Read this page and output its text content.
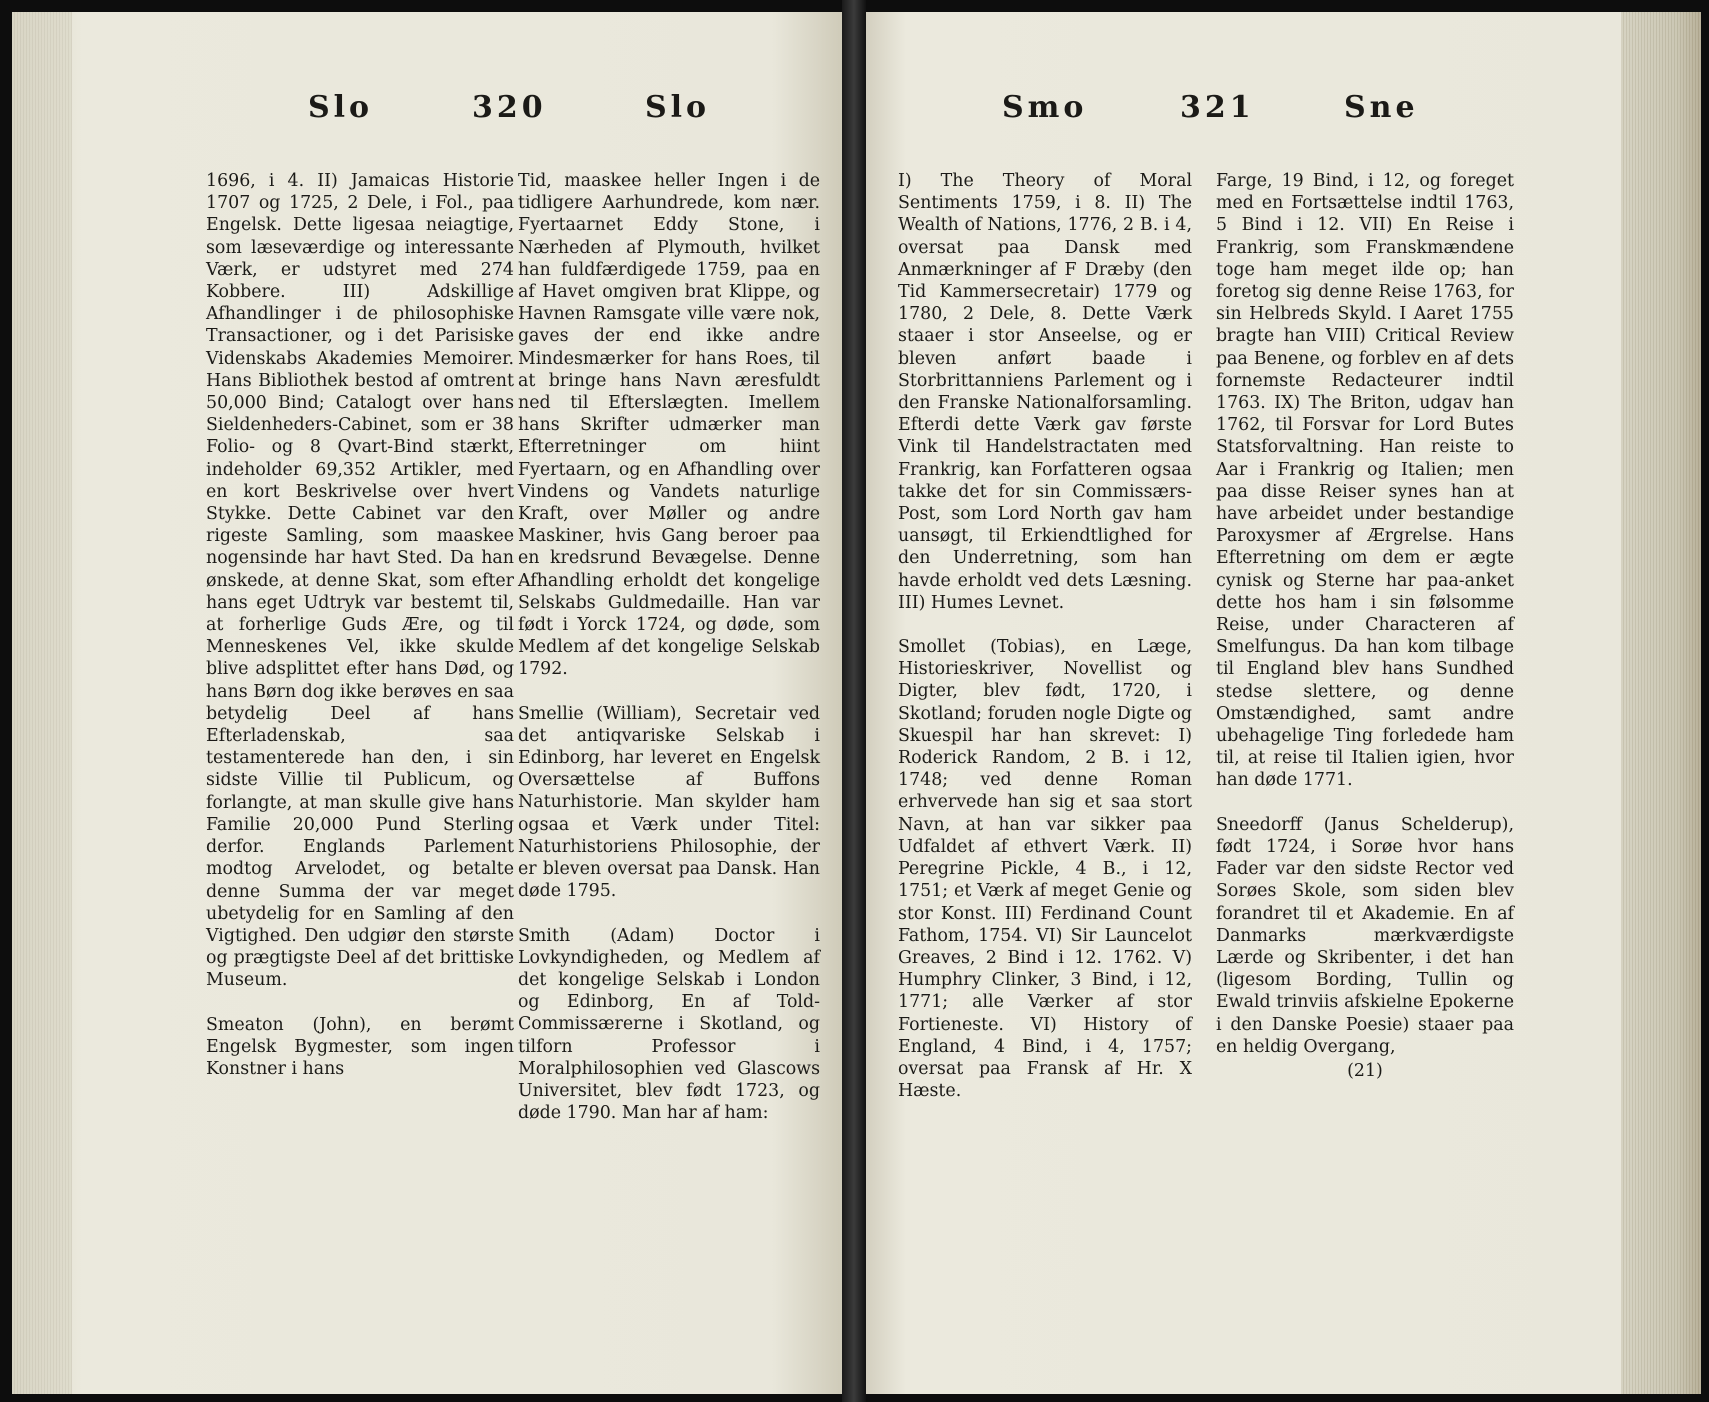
Slo	320	Slo

1696, i 4. II) Jamaicas Historie 1707 og 1725, 2 Dele, i Fol., paa Engelsk. Dette ligesaa neiagtige, som læseværdige og interessante Værk, er udstyret med 274 Kobbere. III) Adskillige Afhandlinger i de philosophiske Transactioner, og i det Parisiske Videnskabs Akademies Memoirer. Hans Bibliothek bestod af omtrent 50,000 Bind; Catalogt over hans Sieldenheders-Cabinet, som er 38 Folio- og 8 Qvart-Bind stærkt, indeholder 69,352 Artikler, med en kort Beskrivelse over hvert Stykke. Dette Cabinet var den rigeste Samling, som maaskee nogensinde har havt Sted. Da han ønskede, at denne Skat, som efter hans eget Udtryk var bestemt til, at forherlige Guds Ære, og til Menneskenes Vel, ikke skulde blive adsplittet efter hans Død, og hans Børn dog ikke berøves en saa betydelig Deel af hans Efterladenskab, saa testamenterede han den, i sin sidste Villie til Publicum, og forlangte, at man skulle give hans Familie 20,000 Pund Sterling derfor. Englands Parlement modtog Arvelodet, og betalte denne Summa der var meget ubetydelig for en Samling af den Vigtighed. Den udgiør den største og prægtigste Deel af det brittiske Museum.

Smeaton (John), en berømt Engelsk Bygmester, som ingen Konstner i hans

Tid, maaskee heller Ingen i de tidligere Aarhundrede, kom nær. Fyertaarnet Eddy Stone, i Nærheden af Plymouth, hvilket han fuldfærdigede 1759, paa en af Havet omgiven brat Klippe, og Havnen Ramsgate ville være nok, gaves der end ikke andre Mindesmærker for hans Roes, til at bringe hans Navn æresfuldt ned til Efterslægten. Imellem hans Skrifter udmærker man Efterretninger om hiint Fyertaarn, og en Afhandling over Vindens og Vandets naturlige Kraft, over Møller og andre Maskiner, hvis Gang beroer paa en kredsrund Bevægelse. Denne Afhandling erholdt det kongelige Selskabs Guldmedaille. Han var født i Yorck 1724, og døde, som Medlem af det kongelige Selskab 1792.

Smellie (William), Secretair ved det antiqvariske Selskab i Edinborg, har leveret en Engelsk Oversættelse af Buffons Naturhistorie. Man skylder ham ogsaa et Værk under Titel: Naturhistoriens Philosophie, der er bleven oversat paa Dansk. Han døde 1795.

Smith (Adam) Doctor i Lovkyndigheden, og Medlem af det kongelige Selskab i London og Edinborg, En af Told-Commissærerne i Skotland, og tilforn Professor i Moralphilosophien ved Glascows Universitet, blev født 1723, og døde 1790. Man har af ham:

Smo	321	Sne

I) The Theory of Moral Sentiments 1759, i 8. II) The Wealth of Nations, 1776, 2 B. i 4, oversat paa Dansk med Anmærkninger af F Dræby (den Tid Kammersecretair) 1779 og 1780, 2 Dele, 8. Dette Værk staaer i stor Anseelse, og er bleven anført baade i Storbrittanniens Parlement og i den Franske Nationalforsamling. Efterdi dette Værk gav første Vink til Handelstractaten med Frankrig, kan Forfatteren ogsaa takke det for sin Commissærs-Post, som Lord North gav ham uansøgt, til Erkiendtlighed for den Underretning, som han havde erholdt ved dets Læsning. III) Humes Levnet.

Smollet (Tobias), en Læge, Historieskriver, Novellist og Digter, blev født, 1720, i Skotland; foruden nogle Digte og Skuespil har han skrevet: I) Roderick Random, 2 B. i 12, 1748; ved denne Roman erhvervede han sig et saa stort Navn, at han var sikker paa Udfaldet af ethvert Værk. II) Peregrine Pickle, 4 B., i 12, 1751; et Værk af meget Genie og stor Konst. III) Ferdinand Count Fathom, 1754. VI) Sir Launcelot Greaves, 2 Bind i 12. 1762. V) Humphry Clinker, 3 Bind, i 12, 1771; alle Værker af stor Fortieneste. VI) History of England, 4 Bind, i 4, 1757; oversat paa Fransk af Hr. X Hæste.

Farge, 19 Bind, i 12, og foreget med en Fortsættelse indtil 1763, 5 Bind i 12. VII) En Reise i Frankrig, som Franskmændene toge ham meget ilde op; han foretog sig denne Reise 1763, for sin Helbreds Skyld. I Aaret 1755 bragte han VIII) Critical Review paa Benene, og forblev en af dets fornemste Redacteurer indtil 1763. IX) The Briton, udgav han 1762, til Forsvar for Lord Butes Statsforvaltning. Han reiste to Aar i Frankrig og Italien; men paa disse Reiser synes han at have arbeidet under bestandige Paroxysmer af Ærgrelse. Hans Efterretning om dem er ægte cynisk og Sterne har paa-anket dette hos ham i sin følsomme Reise, under Characteren af Smelfungus. Da han kom tilbage til England blev hans Sundhed stedse slettere, og denne Omstændighed, samt andre ubehagelige Ting forledede ham til, at reise til Italien igien, hvor han døde 1771.

Sneedorff (Janus Schelderup), født 1724, i Sorøe hvor hans Fader var den sidste Rector ved Sorøes Skole, som siden blev forandret til et Akademie. En af Danmarks mærkværdigste Lærde og Skribenter, i det han (ligesom Bording, Tullin og Ewald trinviis afskielne Epokerne i den Danske Poesie) staaer paa en heldig Overgang,

(21)
